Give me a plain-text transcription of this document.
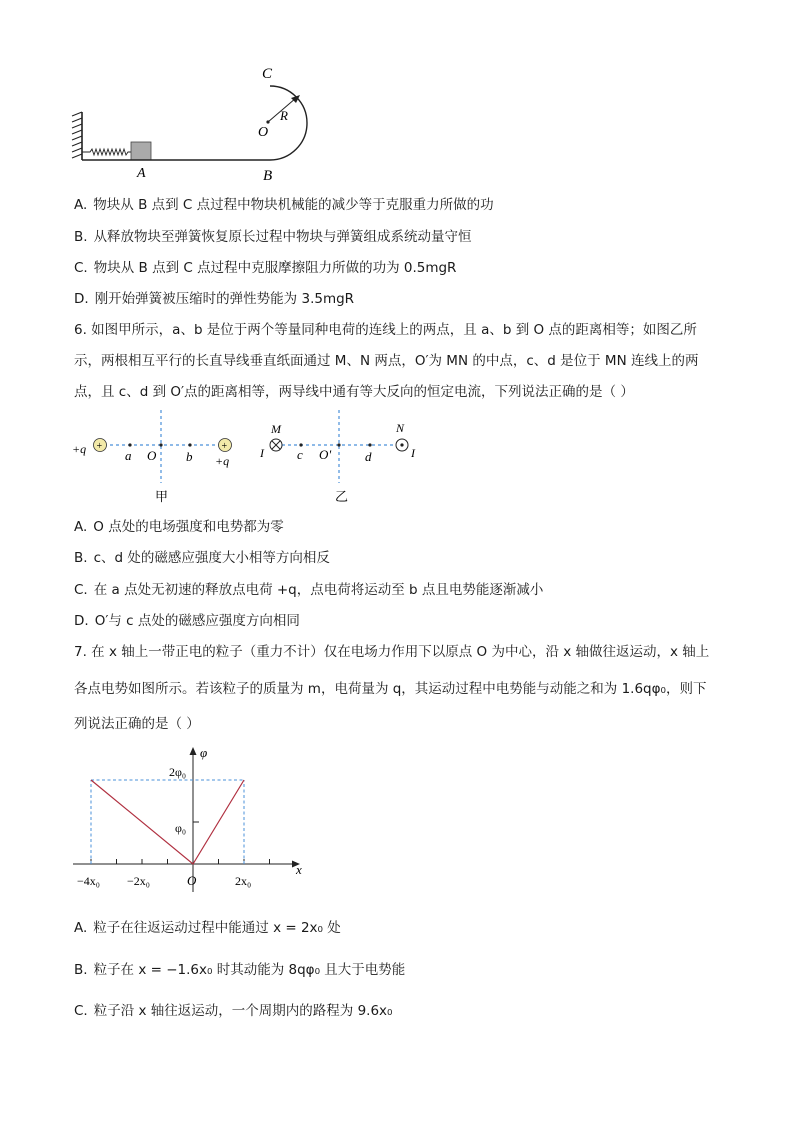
C
R
O
A	B
A. 物块从 B 点到 C 点过程中物块机械能的减少等于克服重力所做的功
B. 从释放物块至弹簧恢复原长过程中物块与弹簧组成系统动量守恒
C. 物块从 B 点到 C 点过程中克服摩擦阻力所做的功为 0.5mgR
D. 刚开始弹簧被压缩时的弹性势能为 3.5mgR
6. 如图甲所示，a、b 是位于两个等量同种电荷的连线上的两点，且 a、b 到 O 点的距离相等；如图乙所
示，两根相互平行的长直导线垂直纸面通过 M、N 两点，O′为 MN 的中点，c、d 是位于 MN 连线上的两
点，且 c、d 到 O′点的距离相等，两导线中通有等大反向的恒定电流，下列说法正确的是（ ）
+	+
+q	a O b +q
甲
M	N
I	I
c O'	d
乙
A. O 点处的电场强度和电势都为零
B. c、d 处的磁感应强度大小相等方向相反
C. 在 a 点处无初速的释放点电荷 +q，点电荷将运动至 b 点且电势能逐渐减小
D. O′与 c 点处的磁感应强度方向相同
7. 在 x 轴上一带正电的粒子（重力不计）仅在电场力作用下以原点 O 为中心，沿 x 轴做往返运动，x 轴上
各点电势如图所示。若该粒子的质量为 m，电荷量为 q，其运动过程中电势能与动能之和为 1.6qφ₀，则下
列说法正确的是（ ）
φ
x
2φ₀
φ₀
−4x₀ −2x₀	O	2x₀
A. 粒子在往返运动过程中能通过 x = 2x₀ 处
B. 粒子在 x = −1.6x₀ 时其动能为 8qφ₀ 且大于电势能
C. 粒子沿 x 轴往返运动，一个周期内的路程为 9.6x₀
